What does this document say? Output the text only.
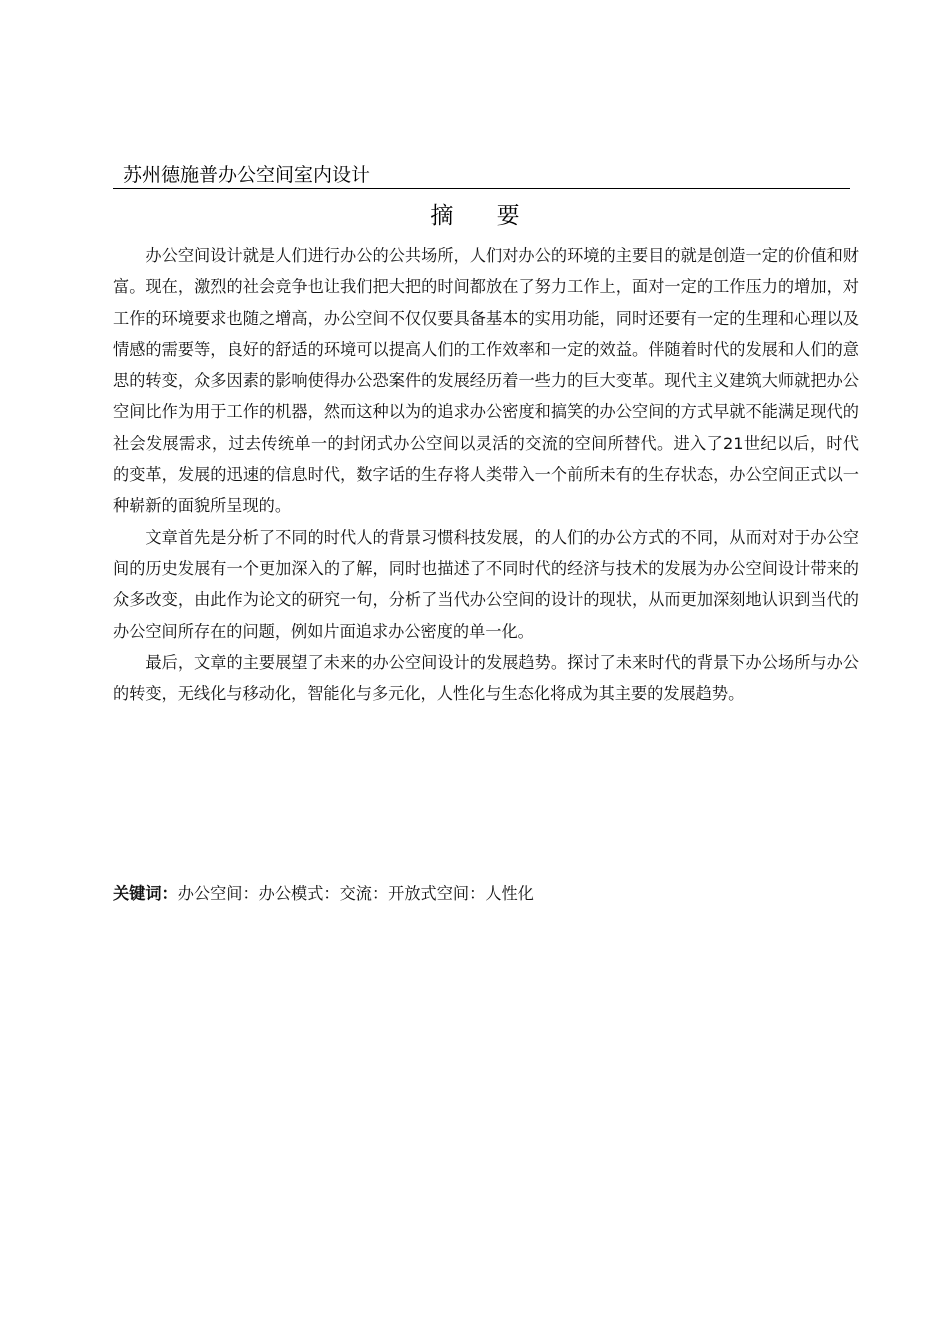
苏州德施普办公空间室内设计
摘 要

办公空间设计就是人们进行办公的公共场所，人们对办公的环境的主要目的就是创造一定的价值和财富。现在，激烈的社会竞争也让我们把大把的时间都放在了努力工作上，面对一定的工作压力的增加，对工作的环境要求也随之增高，办公空间不仅仅要具备基本的实用功能，同时还要有一定的生理和心理以及情感的需要等，良好的舒适的环境可以提高人们的工作效率和一定的效益。伴随着时代的发展和人们的意思的转变，众多因素的影响使得办公恐案件的发展经历着一些力的巨大变革。现代主义建筑大师就把办公空间比作为用于工作的机器，然而这种以为的追求办公密度和搞笑的办公空间的方式早就不能满足现代的社会发展需求，过去传统单一的封闭式办公空间以灵活的交流的空间所替代。进入了21世纪以后，时代的变革，发展的迅速的信息时代，数字话的生存将人类带入一个前所未有的生存状态，办公空间正式以一种崭新的面貌所呈现的。

文章首先是分析了不同的时代人的背景习惯科技发展，的人们的办公方式的不同，从而对对于办公空间的历史发展有一个更加深入的了解，同时也描述了不同时代的经济与技术的发展为办公空间设计带来的众多改变，由此作为论文的研究一句，分析了当代办公空间的设计的现状，从而更加深刻地认识到当代的办公空间所存在的问题，例如片面追求办公密度的单一化。

最后，文章的主要展望了未来的办公空间设计的发展趋势。探讨了未来时代的背景下办公场所与办公的转变，无线化与移动化，智能化与多元化，人性化与生态化将成为其主要的发展趋势。

关键词：办公空间：办公模式：交流：开放式空间：人性化
